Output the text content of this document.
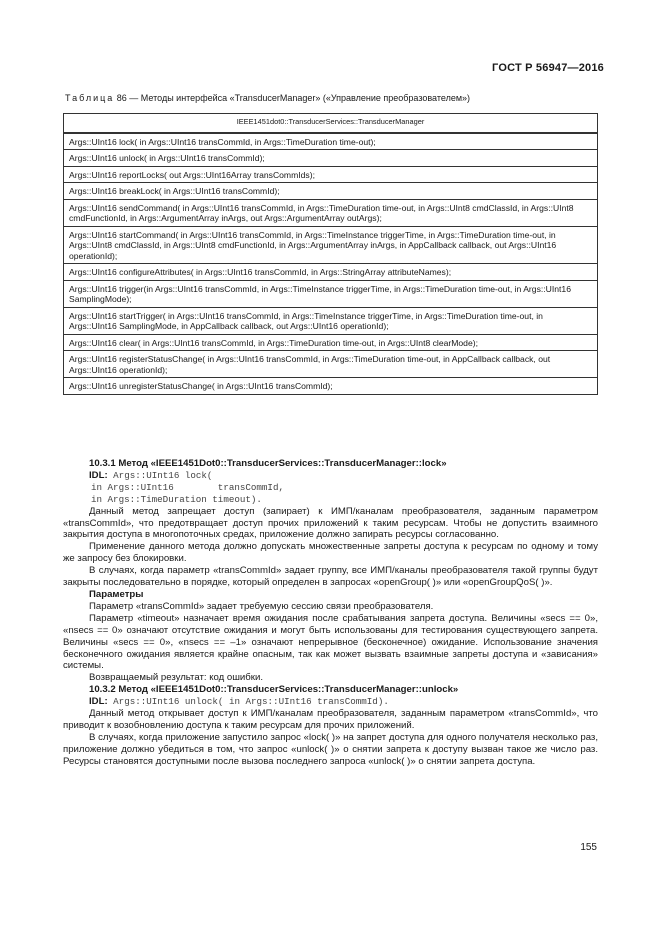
ГОСТ Р 56947—2016
Таблица 86 — Методы интерфейса «TransducerManager» («Управление преобразователем»)
IEEE1451dot0::TransducerServices::TransducerManager
Args::UInt16 lock( in Args::UInt16 transCommId, in Args::TimeDuration time-out);
Args::UInt16 unlock( in Args::UInt16 transCommId);
Args::UInt16 reportLocks( out Args::UInt16Array transCommIds);
Args::UInt16 breakLock( in Args::UInt16 transCommId);
Args::UInt16 sendCommand( in Args::UInt16 transCommId, in Args::TimeDuration time-out, in Args::UInt8 cmdClassId, in Args::UInt8 cmdFunctionId, in Args::ArgumentArray inArgs, out Args::ArgumentArray outArgs);
Args::UInt16 startCommand( in Args::UInt16 transCommId, in Args::TimeInstance triggerTime, in Args::TimeDuration time-out, in Args::UInt8 cmdClassId, in Args::UInt8 cmdFunctionId, in Args::ArgumentArray inArgs, in AppCallback callback, out Args::UInt16 operationId);
Args::UInt16 configureAttributes( in Args::UInt16 transCommId, in Args::StringArray attributeNames);
Args::UInt16 trigger(in Args::UInt16 transCommId, in Args::TimeInstance triggerTime, in Args::TimeDuration time-out, in Args::UInt16 SamplingMode);
Args::UInt16 startTrigger( in Args::UInt16 transCommId, in Args::TimeInstance triggerTime, in Args::TimeDuration time-out, in Args::UInt16 SamplingMode, in AppCallback callback, out Args::UInt16 operationId);
Args::UInt16 clear( in Args::UInt16 transCommId, in Args::TimeDuration time-out, in Args::UInt8 clearMode);
Args::UInt16 registerStatusChange( in Args::UInt16 transCommId, in Args::TimeDuration time-out, in AppCallback callback, out Args::UInt16 operationId);
Args::UInt16 unregisterStatusChange( in Args::UInt16 transCommId);

10.3.1 Метод «IEEE1451Dot0::TransducerServices::TransducerManager::lock»

IDL: Args::UInt16 lock(

in Args::UInt16        transCommId,
in Args::TimeDuration timeout).

Данный метод запрещает доступ (запирает) к ИМП/каналам преобразователя, заданным параметром «transCommId», что предотвращает доступ прочих приложений к таким ресурсам. Чтобы не допустить взаимного закрытия доступа в многопоточных средах, приложение должно запирать ресурсы согласованно.

Применение данного метода должно допускать множественные запреты доступа к ресурсам по одному и тому же запросу без блокировки.

В случаях, когда параметр «transCommId» задает группу, все ИМП/каналы преобразователя такой группы будут закрыты последовательно в порядке, который определен в запросах «openGroup( )» или «openGroupQoS( )».

Параметры

Параметр «transCommId» задает требуемую сессию связи преобразователя.

Параметр «timeout» назначает время ожидания после срабатывания запрета доступа. Величины «secs == 0», «nsecs == 0» означают отсутствие ожидания и могут быть использованы для тестирования существующего запрета. Величины «secs == 0», «nsecs == –1» означают непрерывное (бесконечное) ожидание. Использование значения бесконечного ожидания является крайне опасным, так как может вызвать взаимные запреты доступа и «зависания» системы.

Возвращаемый результат: код ошибки.

10.3.2 Метод «IEEE1451Dot0::TransducerServices::TransducerManager::unlock»

IDL: Args::UInt16 unlock( in Args::UInt16 transCommId).

Данный метод открывает доступ к ИМП/каналам преобразователя, заданным параметром «transCommId», что приводит к возобновлению доступа к таким ресурсам для прочих приложений.

В случаях, когда приложение запустило запрос «lock( )» на запрет доступа для одного получателя несколько раз, приложение должно убедиться в том, что запрос «unlock( )» о снятии запрета к доступу вызван такое же число раз. Ресурсы становятся доступными после вызова последнего запроса «unlock( )» о снятии запрета доступа.

155
